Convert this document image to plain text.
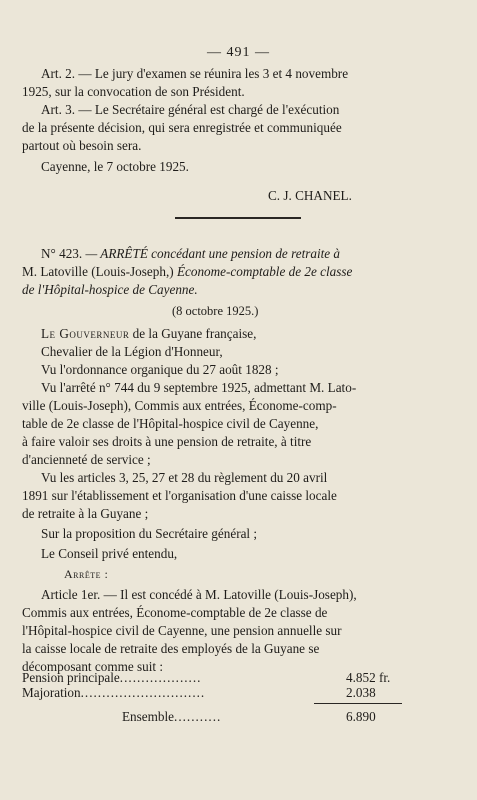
— 491 —
Art. 2. — Le jury d'examen se réunira les 3 et 4 novembre
1925, sur la convocation de son Président.
Art. 3. — Le Secrétaire général est chargé de l'exécution
de la présente décision, qui sera enregistrée et communiquée
partout où besoin sera.
Cayenne, le 7 octobre 1925.
C. J. CHANEL.
N° 423. — ARRÊTÉ concédant une pension de retraite à
M. Latoville (Louis-Joseph,) Économe-comptable de 2e classe
de l'Hôpital-hospice de Cayenne.
(8 octobre 1925.)
Le Gouverneur de la Guyane française,
Chevalier de la Légion d'Honneur,
Vu l'ordonnance organique du 27 août 1828 ;
Vu l'arrêté n° 744 du 9 septembre 1925, admettant M. Lato-
ville (Louis-Joseph), Commis aux entrées, Économe-comp-
table de 2e classe de l'Hôpital-hospice civil de Cayenne,
à faire valoir ses droits à une pension de retraite, à titre
d'ancienneté de service ;
Vu les articles 3, 25, 27 et 28 du règlement du 20 avril
1891 sur l'établissement et l'organisation d'une caisse locale
de retraite à la Guyane ;
Sur la proposition du Secrétaire général ;
Le Conseil privé entendu,
Arrête :
Article 1er. — Il est concédé à M. Latoville (Louis-Joseph),
Commis aux entrées, Économe-comptable de 2e classe de
l'Hôpital-hospice civil de Cayenne, une pension annuelle sur
la caisse locale de retraite des employés de la Guyane se
décomposant comme suit :
Pension principale...................	4.852 fr.
Majoration.............................	2.038
Ensemble...........	6.890
